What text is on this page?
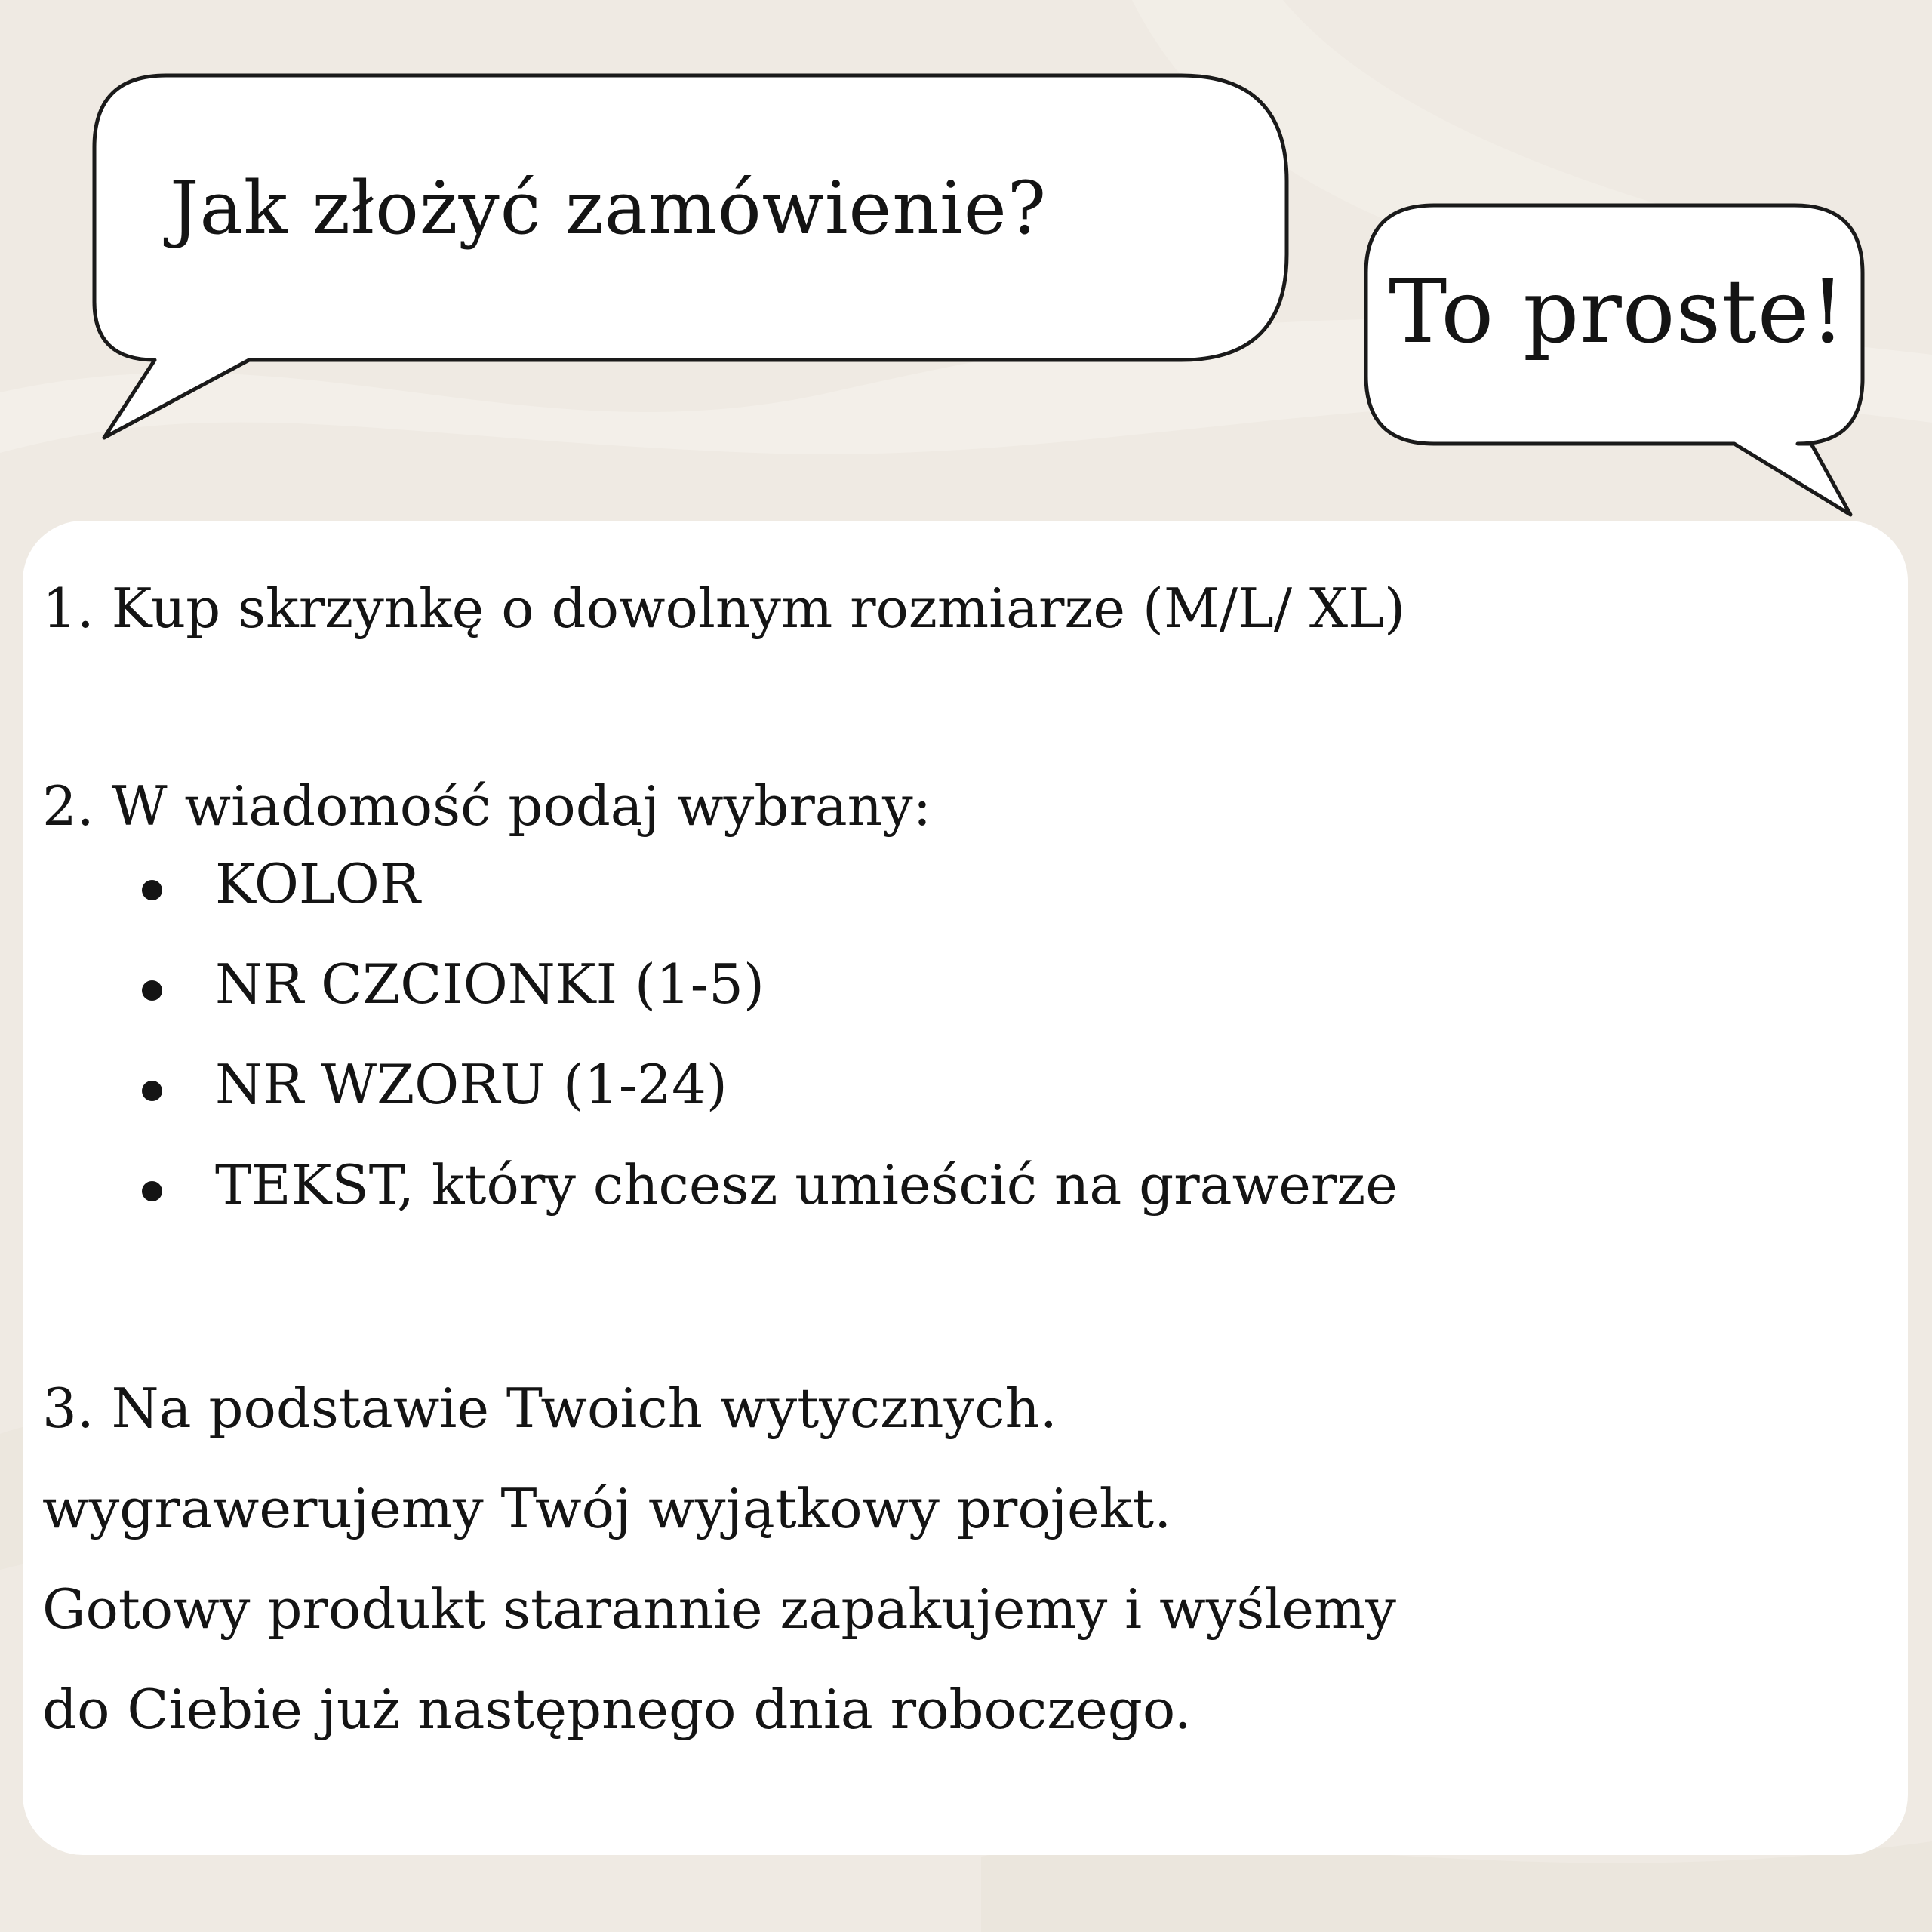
Jak złożyć zamówienie?
To proste!
1. Kup skrzynkę o dowolnym rozmiarze (M/L/ XL)
2. W wiadomość podaj wybrany:
KOLOR
NR CZCIONKI (1-5)
NR WZORU (1-24)
TEKST, który chcesz umieścić na grawerze
3. Na podstawie Twoich wytycznych.
wygrawerujemy Twój wyjątkowy projekt.
Gotowy produkt starannie zapakujemy i wyślemy
do Ciebie już następnego dnia roboczego.
